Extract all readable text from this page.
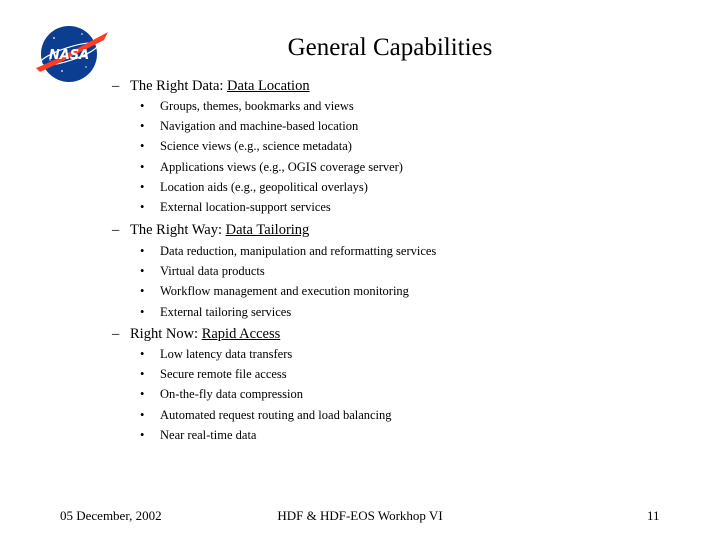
NASA	General Capabilities
– The Right Data: Data Location
• Groups, themes, bookmarks and views
• Navigation and machine-based location
• Science views (e.g., science metadata)
• Applications views (e.g., OGIS coverage server)
• Location aids (e.g., geopolitical overlays)
• External location-support services
– The Right Way: Data Tailoring
• Data reduction, manipulation and reformatting services
• Virtual data products
• Workflow management and execution monitoring
• External tailoring services
– Right Now: Rapid Access
• Low latency data transfers
• Secure remote file access
• On-the-fly data compression
• Automated request routing and load balancing
• Near real-time data
05 December, 2002	HDF & HDF-EOS Workhop VI	11
